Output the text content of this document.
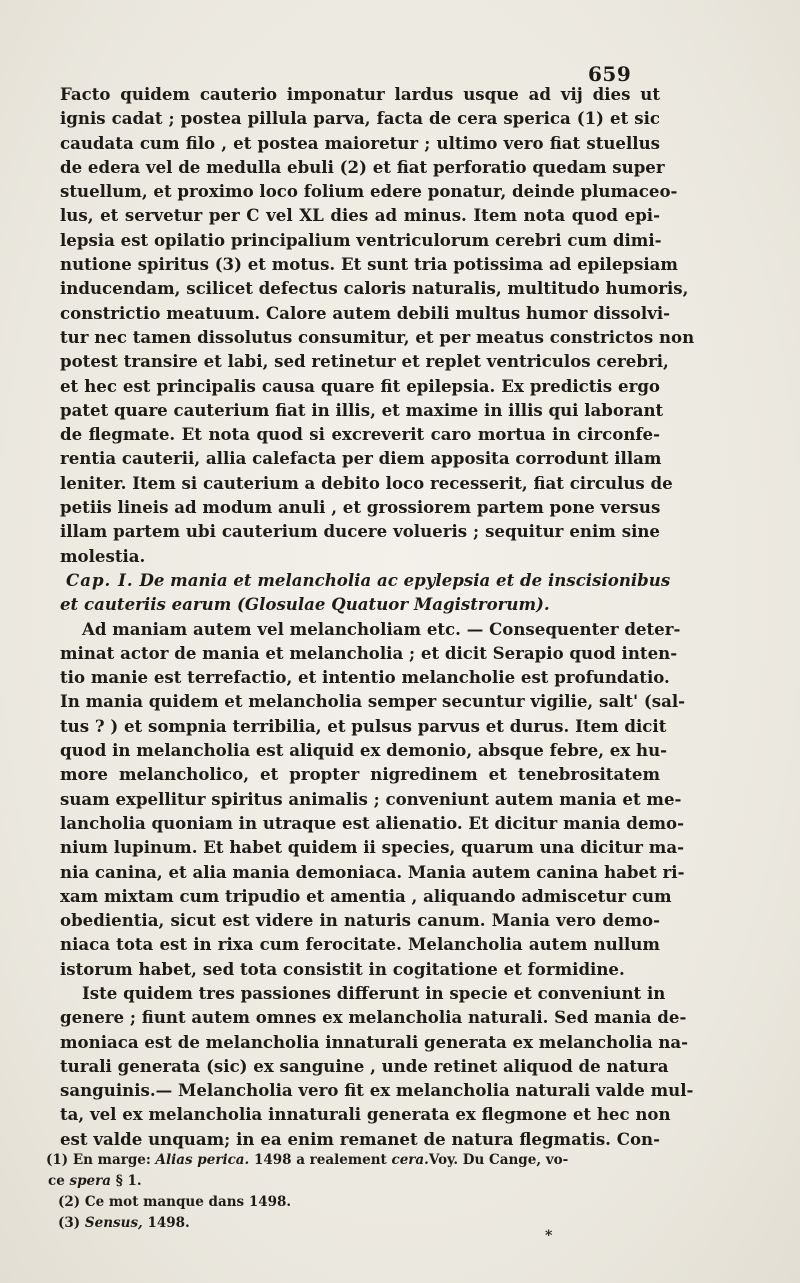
659
Facto quidem cauterio imponatur lardus usque ad vij dies ut
ignis cadat ; postea pillula parva, facta de cera sperica (1) et sic
caudata cum filo , et postea maioretur ; ultimo vero fiat stuellus
de edera vel de medulla ebuli (2) et fiat perforatio quedam super
stuellum, et proximo loco folium edere ponatur, deinde plumaceo-
lus, et servetur per C vel XL dies ad minus. Item nota quod epi-
lepsia est opilatio principalium ventriculorum cerebri cum dimi-
nutione spiritus (3) et motus. Et sunt tria potissima ad epilepsiam
inducendam, scilicet defectus caloris naturalis, multitudo humoris,
constrictio meatuum. Calore autem debili multus humor dissolvi-
tur nec tamen dissolutus consumitur, et per meatus constrictos non
potest transire et labi, sed retinetur et replet ventriculos cerebri,
et hec est principalis causa quare fit epilepsia. Ex predictis ergo
patet quare cauterium fiat in illis, et maxime in illis qui laborant
de flegmate. Et nota quod si excreverit caro mortua in circonfe-
rentia cauterii, allia calefacta per diem apposita corrodunt illam
leniter. Item si cauterium a debito loco recesserit, fiat circulus de
petiis lineis ad modum anuli , et grossiorem partem pone versus
illam partem ubi cauterium ducere volueris ; sequitur enim sine
molestia.
Cap. I. De mania et melancholia ac epylepsia et de inscisionibus
et cauteriis earum (Glosulae Quatuor Magistrorum).
Ad maniam autem vel melancholiam etc. — Consequenter deter-
minat actor de mania et melancholia ; et dicit Serapio quod inten-
tio manie est terrefactio, et intentio melancholie est profundatio.
In mania quidem et melancholia semper secuntur vigilie, salt' (sal-
tus ? ) et sompnia terribilia, et pulsus parvus et durus. Item dicit
quod in melancholia est aliquid ex demonio, absque febre, ex hu-
more melancholico, et propter nigredinem et tenebrositatem
suam expellitur spiritus animalis ; conveniunt autem mania et me-
lancholia quoniam in utraque est alienatio. Et dicitur mania demo-
nium lupinum. Et habet quidem ii species, quarum una dicitur ma-
nia canina, et alia mania demoniaca. Mania autem canina habet ri-
xam mixtam cum tripudio et amentia , aliquando admiscetur cum
obedientia, sicut est videre in naturis canum. Mania vero demo-
niaca tota est in rixa cum ferocitate. Melancholia autem nullum
istorum habet, sed tota consistit in cogitatione et formidine.
Iste quidem tres passiones differunt in specie et conveniunt in
genere ; fiunt autem omnes ex melancholia naturali. Sed mania de-
moniaca est de melancholia innaturali generata ex melancholia na-
turali generata (sic) ex sanguine , unde retinet aliquod de natura
sanguinis.— Melancholia vero fit ex melancholia naturali valde mul-
ta, vel ex melancholia innaturali generata ex flegmone et hec non
est valde unquam; in ea enim remanet de natura flegmatis. Con-
(1) En marge: Alias perica. 1498 a realement cera.Voy. Du Cange, vo-
ce spera § 1.
(2) Ce mot manque dans 1498.
(3) Sensus, 1498.
*
